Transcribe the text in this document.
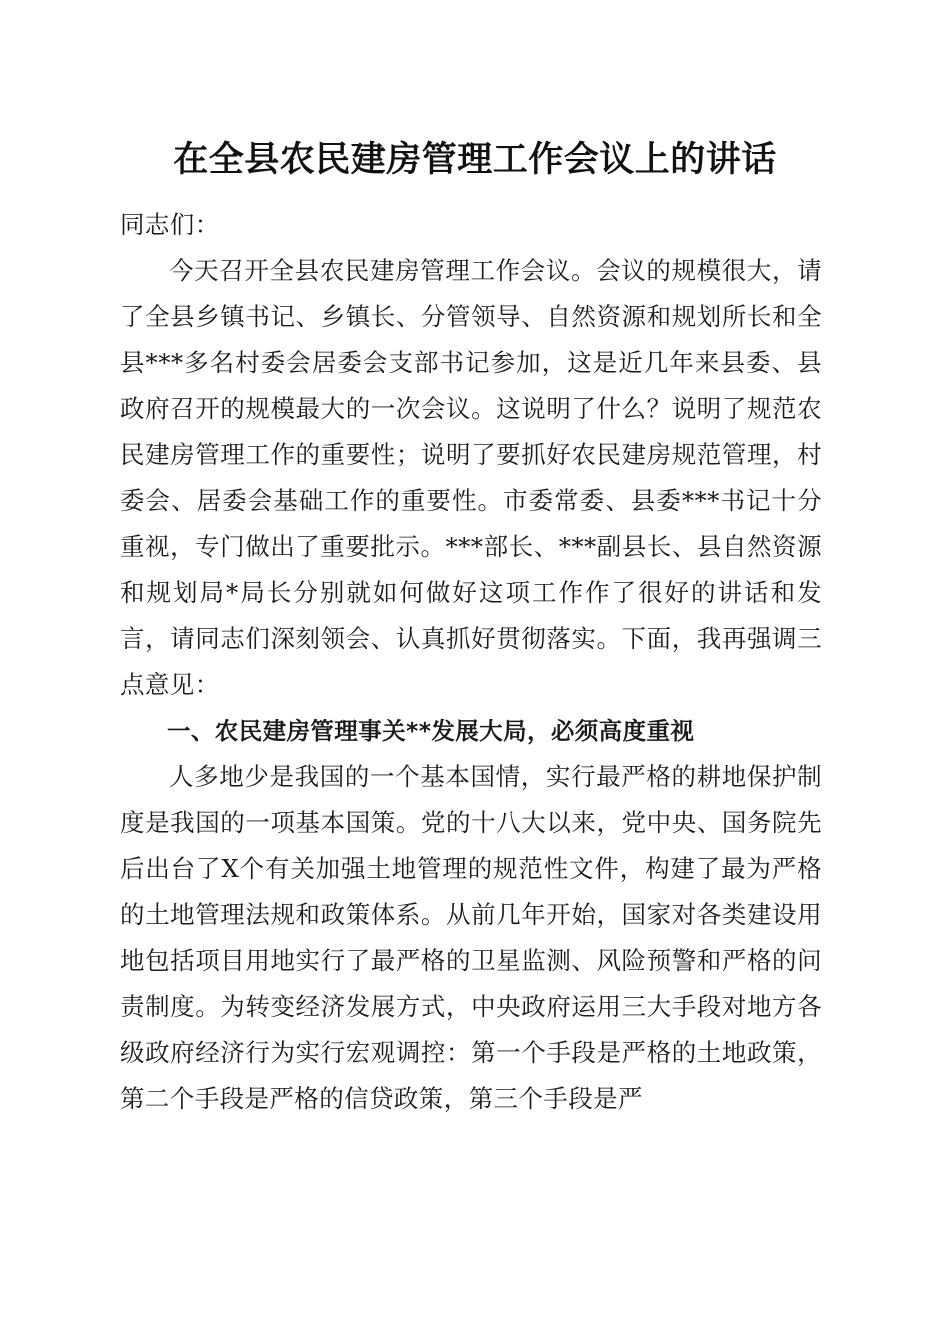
在全县农民建房管理工作会议上的讲话

同志们：

今天召开全县农民建房管理工作会议。会议的规模很大，请了全县乡镇书记、乡镇长、分管领导、自然资源和规划所长和全县***多名村委会居委会支部书记参加，这是近几年来县委、县政府召开的规模最大的一次会议。这说明了什么？说明了规范农民建房管理工作的重要性；说明了要抓好农民建房规范管理，村委会、居委会基础工作的重要性。市委常委、县委***书记十分重视，专门做出了重要批示。***部长、***副县长、县自然资源和规划局*局长分别就如何做好这项工作作了很好的讲话和发言，请同志们深刻领会、认真抓好贯彻落实。下面，我再强调三点意见：

一、农民建房管理事关**发展大局，必须高度重视

人多地少是我国的一个基本国情，实行最严格的耕地保护制度是我国的一项基本国策。党的十八大以来，党中央、国务院先后出台了X个有关加强土地管理的规范性文件，构建了最为严格的土地管理法规和政策体系。从前几年开始，国家对各类建设用地包括项目用地实行了最严格的卫星监测、风险预警和严格的问责制度。为转变经济发展方式，中央政府运用三大手段对地方各级政府经济行为实行宏观调控：第一个手段是严格的土地政策，第二个手段是严格的信贷政策，第三个手段是严
